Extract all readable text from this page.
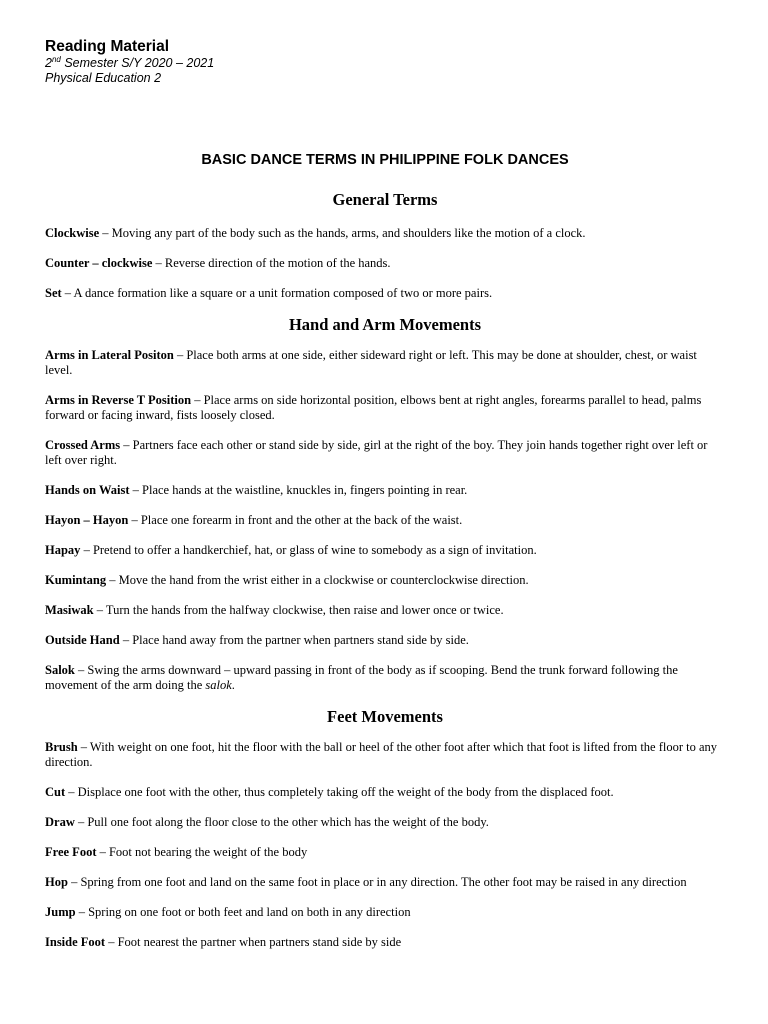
Reading Material
2nd Semester S/Y 2020 – 2021
Physical Education 2
BASIC DANCE TERMS IN PHILIPPINE FOLK DANCES
General Terms

Clockwise – Moving any part of the body such as the hands, arms, and shoulders like the motion of a clock.

Counter – clockwise – Reverse direction of the motion of the hands.

Set – A dance formation like a square or a unit formation composed of two or more pairs.

Hand and Arm Movements

Arms in Lateral Positon – Place both arms at one side, either sideward right or left. This may be done at shoulder, chest, or waist level.

Arms in Reverse T Position – Place arms on side horizontal position, elbows bent at right angles, forearms parallel to head, palms forward or facing inward, fists loosely closed.

Crossed Arms – Partners face each other or stand side by side, girl at the right of the boy. They join hands together right over left or left over right.

Hands on Waist – Place hands at the waistline, knuckles in, fingers pointing in rear.

Hayon – Hayon – Place one forearm in front and the other at the back of the waist.

Hapay – Pretend to offer a handkerchief, hat, or glass of wine to somebody as a sign of invitation.

Kumintang – Move the hand from the wrist either in a clockwise or counterclockwise direction.

Masiwak – Turn the hands from the halfway clockwise, then raise and lower once or twice.

Outside Hand – Place hand away from the partner when partners stand side by side.

Salok – Swing the arms downward – upward passing in front of the body as if scooping. Bend the trunk forward following the movement of the arm doing the salok.

Feet Movements

Brush – With weight on one foot, hit the floor with the ball or heel of the other foot after which that foot is lifted from the floor to any direction.

Cut – Displace one foot with the other, thus completely taking off the weight of the body from the displaced foot.

Draw – Pull one foot along the floor close to the other which has the weight of the body.

Free Foot – Foot not bearing the weight of the body

Hop – Spring from one foot and land on the same foot in place or in any direction. The other foot may be raised in any direction

Jump – Spring on one foot or both feet and land on both in any direction

Inside Foot – Foot nearest the partner when partners stand side by side
